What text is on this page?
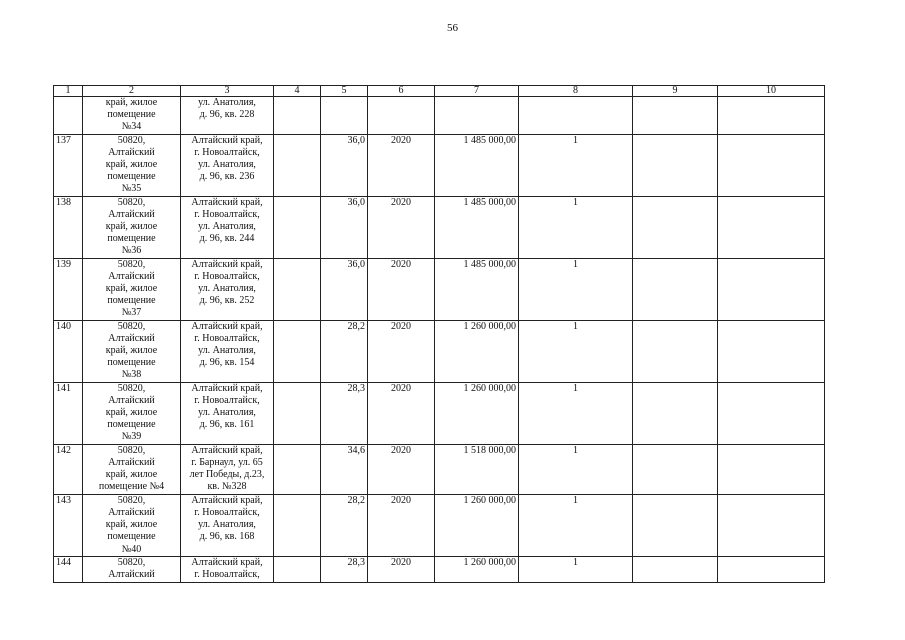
56
1	2	3	4	5	6	7	8	9	10

	край, жилое
помещение
№34	ул. Анатолия,
д. 96, кв. 228							

137	50820,
Алтайский
край, жилое
помещение
№35	Алтайский край,
г. Новоалтайск,
ул. Анатолия,
д. 96, кв. 236		36,0	2020	1 485 000,00	1		
138	50820,
Алтайский
край, жилое
помещение
№36	Алтайский край,
г. Новоалтайск,
ул. Анатолия,
д. 96, кв. 244		36,0	2020	1 485 000,00	1		
139	50820,
Алтайский
край, жилое
помещение
№37	Алтайский край,
г. Новоалтайск,
ул. Анатолия,
д. 96, кв. 252		36,0	2020	1 485 000,00	1		
140	50820,
Алтайский
край, жилое
помещение
№38	Алтайский край,
г. Новоалтайск,
ул. Анатолия,
д. 96, кв. 154		28,2	2020	1 260 000,00	1		
141	50820,
Алтайский
край, жилое
помещение
№39	Алтайский край,
г. Новоалтайск,
ул. Анатолия,
д. 96, кв. 161		28,3	2020	1 260 000,00	1		
142	50820,
Алтайский
край, жилое
помещение №4	Алтайский край,
г. Барнаул, ул. 65
лет Победы, д.23,
кв. №328		34,6	2020	1 518 000,00	1		
143	50820,
Алтайский
край, жилое
помещение
№40	Алтайский край,
г. Новоалтайск,
ул. Анатолия,
д. 96, кв. 168		28,2	2020	1 260 000,00	1		
144	50820,
Алтайский	Алтайский край,
г. Новоалтайск,		28,3	2020	1 260 000,00	1		
